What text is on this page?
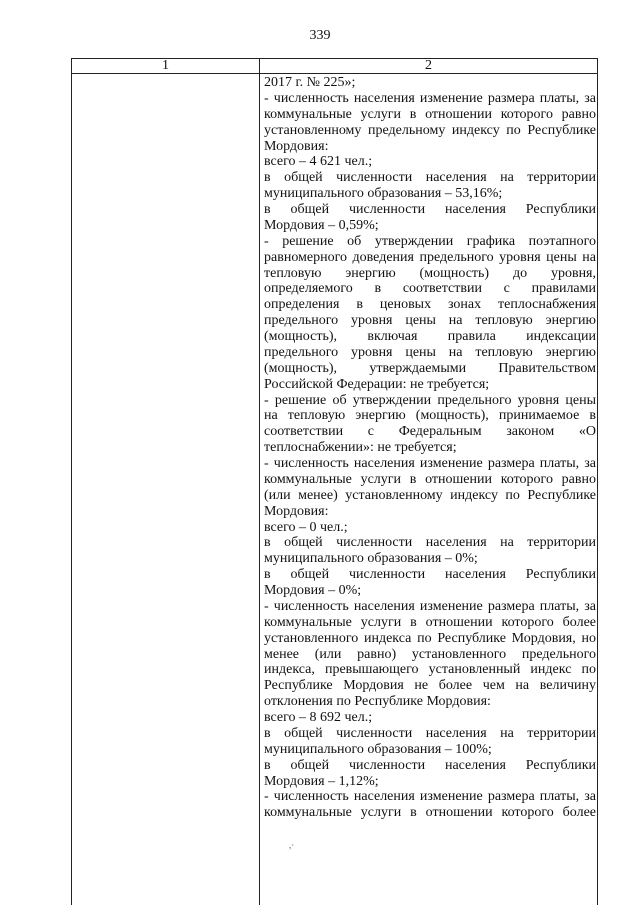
339
1	2
2017 г. № 225»;
- численность населения изменение размера платы, за
коммунальные услуги в отношении которого равно
установленному предельному индексу по Республике
Мордовия:
всего – 4 621 чел.;
в общей численности населения на территории
муниципального образования – 53,16%;
в общей численности населения Республики
Мордовия – 0,59%;
- решение об утверждении графика поэтапного
равномерного доведения предельного уровня цены на
тепловую энергию (мощность) до уровня,
определяемого в соответствии с правилами
определения в ценовых зонах теплоснабжения
предельного уровня цены на тепловую энергию
(мощность), включая правила индексации
предельного уровня цены на тепловую энергию
(мощность), утверждаемыми Правительством
Российской Федерации: не требуется;
- решение об утверждении предельного уровня цены
на тепловую энергию (мощность), принимаемое в
соответствии с Федеральным законом «О
теплоснабжении»: не требуется;
- численность населения изменение размера платы, за
коммунальные услуги в отношении которого равно
(или менее) установленному индексу по Республике
Мордовия:
всего – 0 чел.;
в общей численности населения на территории
муниципального образования – 0%;
в общей численности населения Республики
Мордовия – 0%;
- численность населения изменение размера платы, за
коммунальные услуги в отношении которого более
установленного индекса по Республике Мордовия, но
менее (или равно) установленного предельного
индекса, превышающего установленный индекс по
Республике Мордовия не более чем на величину
отклонения по Республике Мордовия:
всего – 8 692 чел.;
в общей численности населения на территории
муниципального образования – 100%;
в общей численности населения Республики
Мордовия – 1,12%;
- численность населения изменение размера платы, за
коммунальные услуги в отношении которого более
,·
